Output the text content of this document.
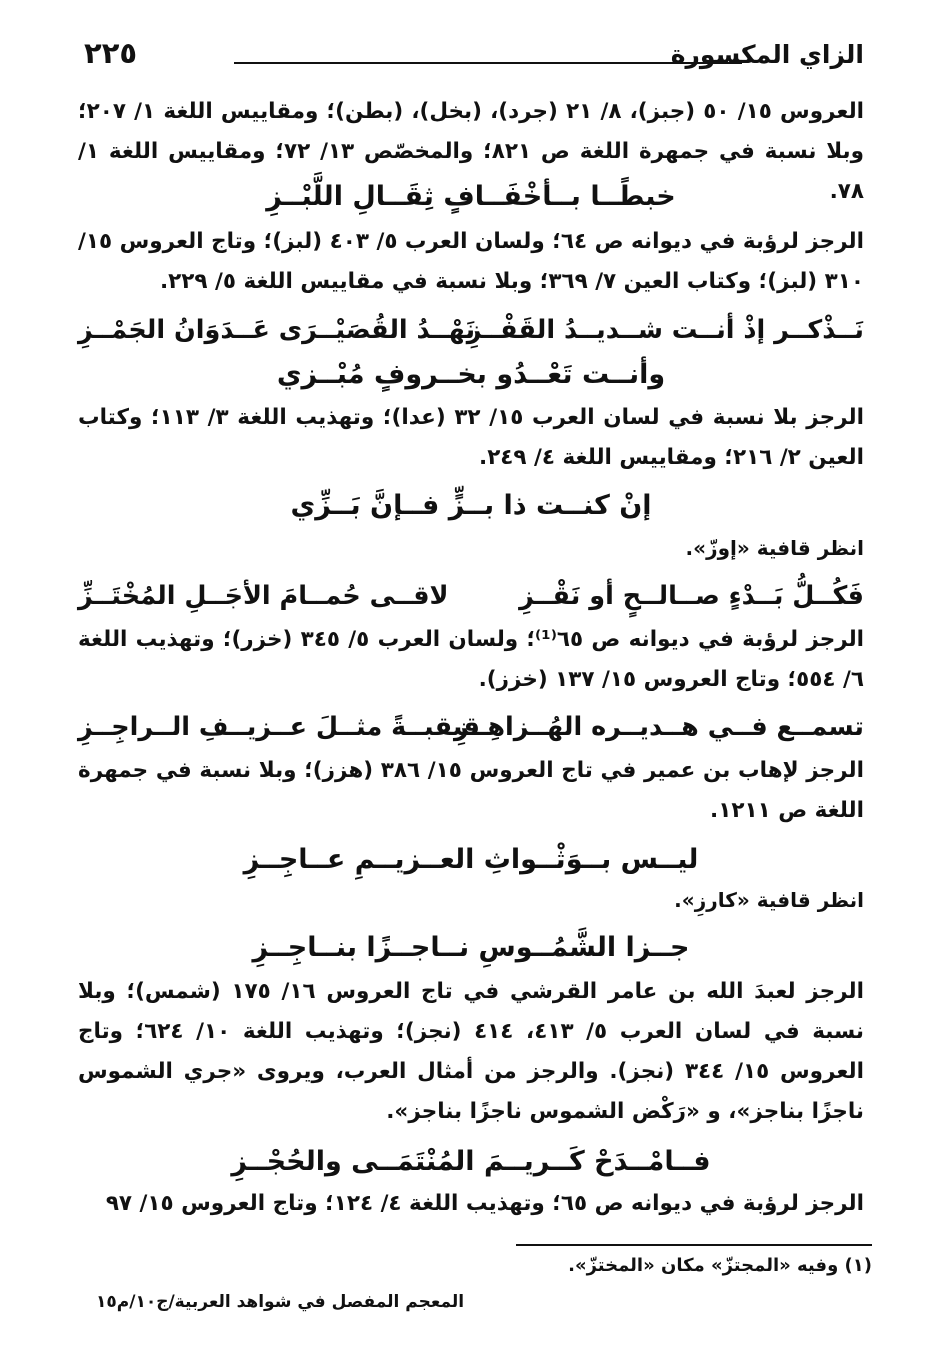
الزاي المكسورة
٢٢٥
العروس ١٥/ ٥٠ (جبز)، ٨/ ٢١ (جرد)، (بخل)، (بطن)؛ ومقاييس اللغة ١/ ٢٠٧؛ وبلا نسبة في جمهرة اللغة ص ٨٢١؛ والمخصّص ١٣/ ٧٢؛ ومقاييس اللغة ١/ ٧٨.
خبطًــا بــأخْفَــافٍ ثِقَــالِ اللَّبْــزِ
الرجز لرؤبة في ديوانه ص ٦٤؛ ولسان العرب ٥/ ٤٠٣ (لبز)؛ وتاج العروس ١٥/ ٣١٠ (لبز)؛ وكتاب العين ٧/ ٣٦٩؛ وبلا نسبة في مقاييس اللغة ٥/ ٢٢٩.
نَــذْكــر إذْ أنــت شــديــدُ القَفْــزِ
نَهْــدُ القُصَيْــرَى عَــدَوَانُ الجَمْــزِ
وأنــت تَعْــدُو بخــروفٍ مُبْــزي
الرجز بلا نسبة في لسان العرب ١٥/ ٣٢ (عدا)؛ وتهذيب اللغة ٣/ ١١٣؛ وكتاب العين ٢/ ٢١٦؛ ومقاييس اللغة ٤/ ٢٤٩.
إنْ كنــت ذا بــزٍّ فــإنَّ بَــزِّي
انظر قافية «إوزّ».
فَكُــلُّ بَــدْءٍ صــالــحٍ أو نَقْــزِ
لاقــى حُمــامَ الأجَــلِ المُخْتَــزِّ
الرجز لرؤبة في ديوانه ص ٦٥⁽¹⁾؛ ولسان العرب ٥/ ٣٤٥ (خزر)؛ وتهذيب اللغة ٦/ ٥٥٤؛ وتاج العروس ١٥/ ١٣٧ (خزز).
تسمــع فــي هــديــره الهُــزاهِــزِ
قبقبــةً مثــلَ عــزيــفِ الــراجِــزِ
الرجز لإهاب بن عمير في تاج العروس ١٥/ ٣٨٦ (هزز)؛ وبلا نسبة في جمهرة اللغة ص ١٢١١.
ليــس بــوَثْــواثِ العــزيــمِ عــاجِــزِ
انظر قافية «كارزِ».
جــزا الشَّمُــوسِ نــاجــزًا بنــاجِــزِ
الرجز لعبدَ الله بن عامر القرشي في تاج العروس ١٦/ ١٧٥ (شمس)؛ وبلا نسبة في لسان العرب ٥/ ٤١٣، ٤١٤ (نجز)؛ وتهذيب اللغة ١٠/ ٦٢٤؛ وتاج العروس ١٥/ ٣٤٤ (نجز). والرجز من أمثال العرب، ويروى «جري الشموس ناجزًا بناجز»، و «رَكْض الشموس ناجزًا بناجز».
فــامْــدَحْ كَــريــمَ المُنْتَمَــى والحُجْــزِ
الرجز لرؤبة في ديوانه ص ٦٥؛ وتهذيب اللغة ٤/ ١٢٤؛ وتاج العروس ١٥/ ٩٧
(١) وفيه «المجتزّ» مكان «المختزّ».
المعجم المفصل في شواهد العربية/ج١٠/م١٥
